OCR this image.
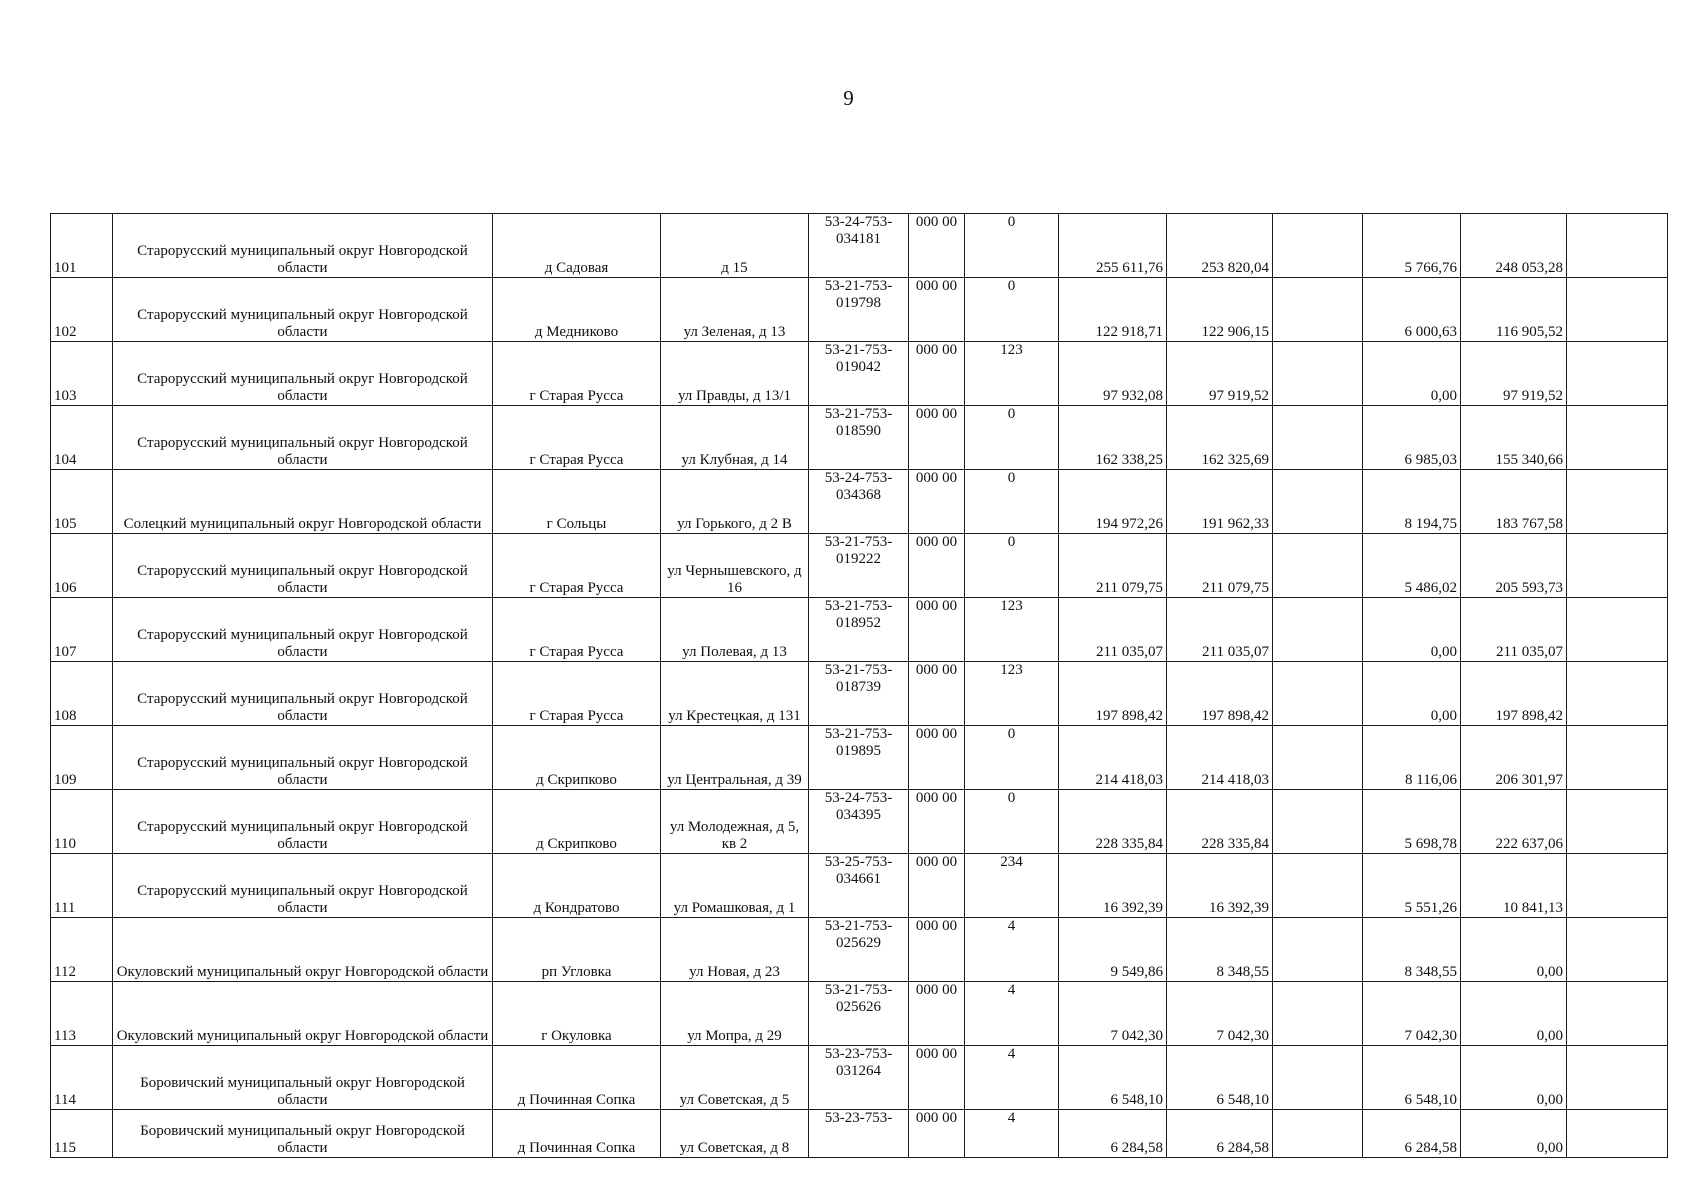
9
101	Старорусский муниципальный округ Новгородской области	д Садовая	д 15	53-24-753-034181	000 00	0	255 611,76	253 820,04		5 766,76	248 053,28	
102	Старорусский муниципальный округ Новгородской области	д Медниково	ул Зеленая, д 13	53-21-753-019798	000 00	0	122 918,71	122 906,15		6 000,63	116 905,52	
103	Старорусский муниципальный округ Новгородской области	г Старая Русса	ул Правды, д 13/1	53-21-753-019042	000 00	123	97 932,08	97 919,52		0,00	97 919,52	
104	Старорусский муниципальный округ Новгородской области	г Старая Русса	ул Клубная, д 14	53-21-753-018590	000 00	0	162 338,25	162 325,69		6 985,03	155 340,66	
105	Солецкий муниципальный округ Новгородской области	г Сольцы	ул Горького, д 2 В	53-24-753-034368	000 00	0	194 972,26	191 962,33		8 194,75	183 767,58	
106	Старорусский муниципальный округ Новгородской области	г Старая Русса	ул Чернышевского, д 16	53-21-753-019222	000 00	0	211 079,75	211 079,75		5 486,02	205 593,73	
107	Старорусский муниципальный округ Новгородской области	г Старая Русса	ул Полевая, д 13	53-21-753-018952	000 00	123	211 035,07	211 035,07		0,00	211 035,07	
108	Старорусский муниципальный округ Новгородской области	г Старая Русса	ул Крестецкая, д 131	53-21-753-018739	000 00	123	197 898,42	197 898,42		0,00	197 898,42	
109	Старорусский муниципальный округ Новгородской области	д Скрипково	ул Центральная, д 39	53-21-753-019895	000 00	0	214 418,03	214 418,03		8 116,06	206 301,97	
110	Старорусский муниципальный округ Новгородской области	д Скрипково	ул Молодежная, д 5, кв 2	53-24-753-034395	000 00	0	228 335,84	228 335,84		5 698,78	222 637,06	
111	Старорусский муниципальный округ Новгородской области	д Кондратово	ул Ромашковая, д 1	53-25-753-034661	000 00	234	16 392,39	16 392,39		5 551,26	10 841,13	
112	Окуловский муниципальный округ Новгородской области	рп Угловка	ул Новая, д 23	53-21-753-025629	000 00	4	9 549,86	8 348,55		8 348,55	0,00	
113	Окуловский муниципальный округ Новгородской области	г Окуловка	ул Мопра, д 29	53-21-753-025626	000 00	4	7 042,30	7 042,30		7 042,30	0,00	
114	Боровичский муниципальный округ Новгородской области	д Починная Сопка	ул Советская, д 5	53-23-753-031264	000 00	4	6 548,10	6 548,10		6 548,10	0,00	
115	Боровичский муниципальный округ Новгородской области	д Починная Сопка	ул Советская, д 8	53-23-753-	000 00	4	6 284,58	6 284,58		6 284,58	0,00	
